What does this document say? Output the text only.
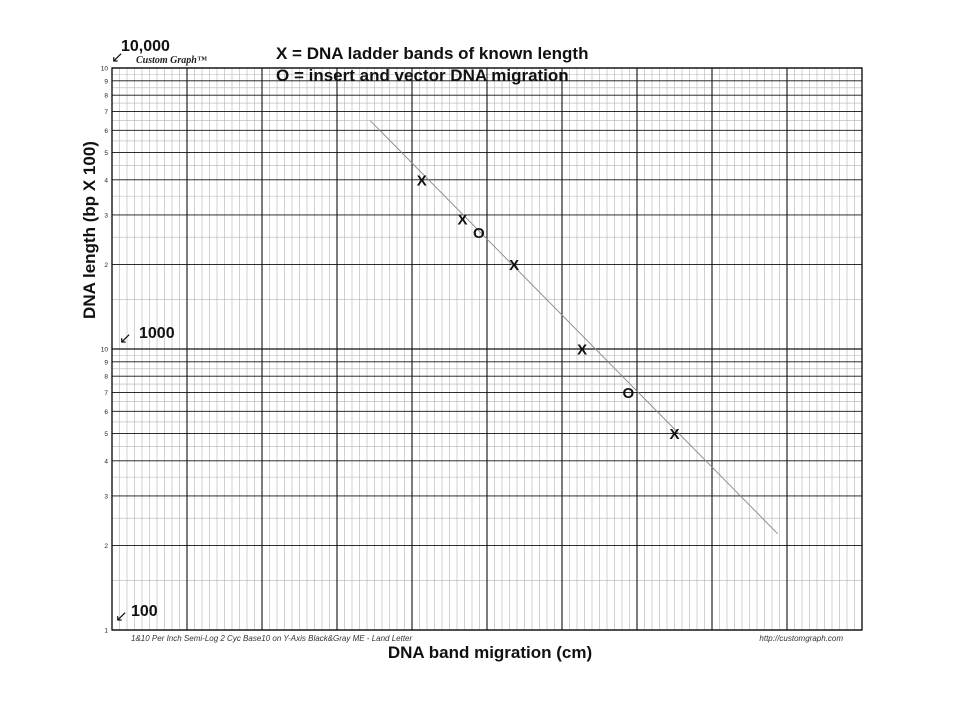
1
2
3
4
5
6
7
8
9
10
2
3
4
5
6
7
8
9
10
X
X
X
X
X
O
O
X = DNA ladder bands of known length
O = insert and vector DNA migration
↙
10,000
Custom Graph™
↙ 1000
↙ 100
DNA length (bp X 100)
DNA band migration (cm)
1&10 Per Inch Semi-Log 2 Cyc Base10 on Y-Axis Black&Gray ME - Land Letter	http://customgraph.com
